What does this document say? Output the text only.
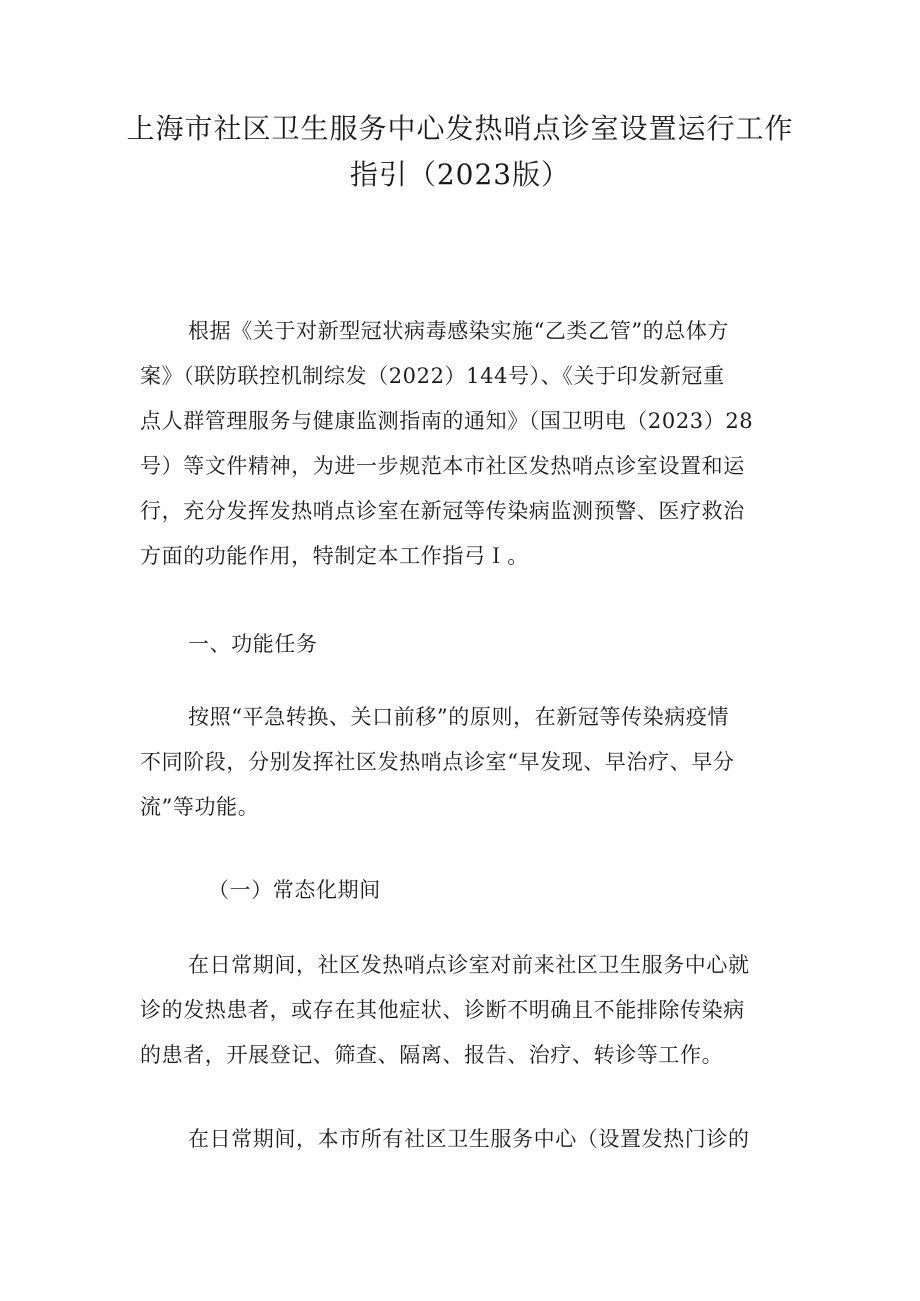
上海市社区卫生服务中心发热哨点诊室设置运行工作
指引（2023版）

根据《关于对新型冠状病毒感染实施“乙类乙管”的总体方

案》（联防联控机制综发（2022）144号）、《关于印发新冠重

点人群管理服务与健康监测指南的通知》（国卫明电（2023）28

号）等文件精神，为进一步规范本市社区发热哨点诊室设置和运

行，充分发挥发热哨点诊室在新冠等传染病监测预警、医疗救治

方面的功能作用，特制定本工作指弓Ｉ。

一、功能任务

按照“平急转换、关口前移”的原则，在新冠等传染病疫情

不同阶段，分别发挥社区发热哨点诊室“早发现、早治疗、早分

流”等功能。

（一）常态化期间

在日常期间，社区发热哨点诊室对前来社区卫生服务中心就

诊的发热患者，或存在其他症状、诊断不明确且不能排除传染病

的患者，开展登记、筛查、隔离、报告、治疗、转诊等工作。

在日常期间，本市所有社区卫生服务中心（设置发热门诊的
